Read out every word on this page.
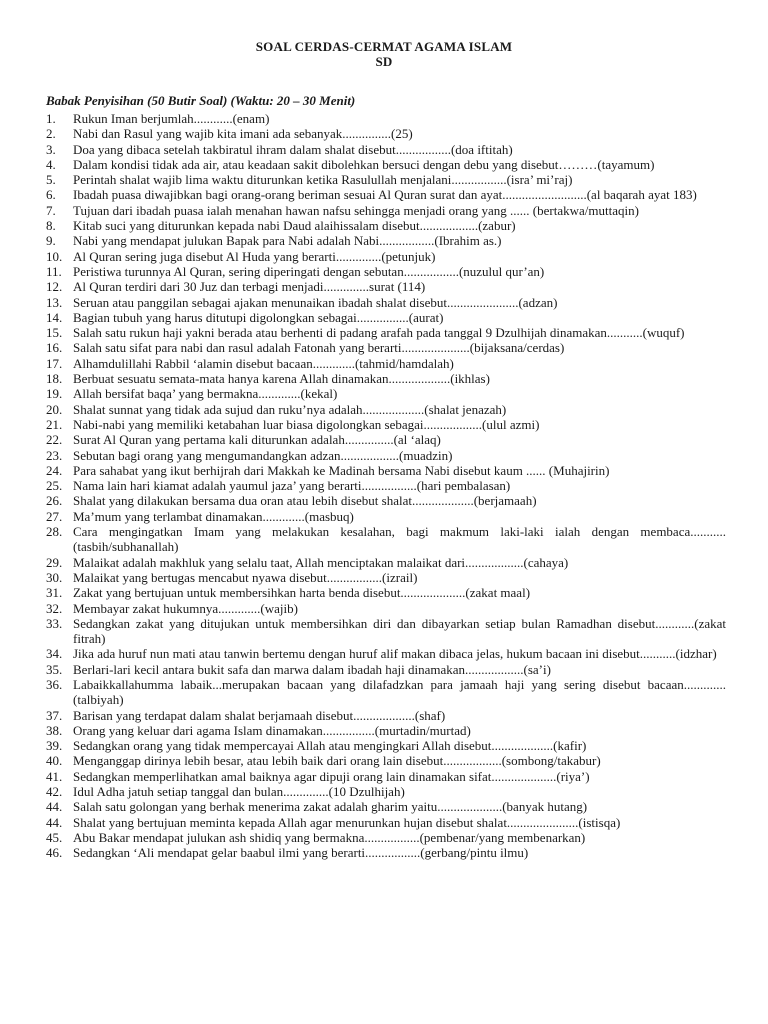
SOAL CERDAS-CERMAT AGAMA ISLAM
SD
Babak Penyisihan (50 Butir Soal) (Waktu: 20 – 30 Menit)
1. Rukun Iman berjumlah............(enam)
2. Nabi dan Rasul yang wajib kita imani ada sebanyak...............(25)
3. Doa yang dibaca setelah takbiratul ihram dalam shalat disebut.................(doa iftitah)
4. Dalam kondisi tidak ada air, atau keadaan sakit dibolehkan bersuci dengan debu yang disebut………(tayamum)
5. Perintah shalat wajib lima waktu diturunkan ketika Rasulullah menjalani.................(isra’ mi’raj)
6. Ibadah puasa diwajibkan bagi orang-orang beriman sesuai Al Quran surat dan ayat..........................(al baqarah ayat 183)
7. Tujuan dari ibadah puasa ialah menahan hawan nafsu sehingga menjadi orang yang ...... (bertakwa/muttaqin)
8. Kitab suci yang diturunkan kepada nabi Daud alaihissalam disebut..................(zabur)
9. Nabi yang mendapat julukan Bapak para Nabi adalah Nabi.................(Ibrahim as.)
10. Al Quran sering juga disebut Al Huda yang berarti..............(petunjuk)
11. Peristiwa turunnya Al Quran, sering diperingati dengan sebutan.................(nuzulul qur’an)
12. Al Quran terdiri dari 30 Juz dan terbagi menjadi..............surat (114)
13. Seruan atau panggilan sebagai ajakan menunaikan ibadah shalat disebut......................(adzan)
14. Bagian tubuh yang harus ditutupi digolongkan sebagai................(aurat)
15. Salah satu rukun haji yakni berada atau berhenti di padang arafah pada tanggal 9 Dzulhijah dinamakan...........(wuquf)
16. Salah satu sifat para nabi dan rasul adalah Fatonah yang berarti.....................(bijaksana/cerdas)
17. Alhamdulillahi Rabbil ‘alamin disebut bacaan.............(tahmid/hamdalah)
18. Berbuat sesuatu semata-mata hanya karena Allah dinamakan...................(ikhlas)
19. Allah bersifat baqa’ yang bermakna.............(kekal)
20. Shalat sunnat yang tidak ada sujud dan ruku’nya adalah...................(shalat jenazah)
21. Nabi-nabi yang memiliki ketabahan luar biasa digolongkan sebagai..................(ulul azmi)
22. Surat Al Quran yang pertama kali diturunkan adalah...............(al ‘alaq)
23. Sebutan bagi orang yang mengumandangkan adzan..................(muadzin)
24. Para sahabat yang ikut berhijrah dari Makkah ke Madinah bersama Nabi disebut kaum ...... (Muhajirin)
25. Nama lain hari kiamat adalah yaumul jaza’ yang berarti.................(hari pembalasan)
26. Shalat yang dilakukan bersama dua oran atau lebih disebut shalat...................(berjamaah)
27. Ma’mum yang terlambat dinamakan.............(masbuq)
28. Cara mengingatkan Imam yang melakukan kesalahan, bagi makmum laki-laki ialah dengan membaca...........(tasbih/subhanallah)
29. Malaikat adalah makhluk yang selalu taat, Allah menciptakan malaikat dari..................(cahaya)
30. Malaikat yang bertugas mencabut nyawa disebut.................(izrail)
31. Zakat yang bertujuan untuk membersihkan harta benda disebut....................(zakat maal)
32. Membayar zakat hukumnya.............(wajib)
33. Sedangkan zakat yang ditujukan untuk membersihkan diri dan dibayarkan setiap bulan Ramadhan disebut............(zakat fitrah)
34. Jika ada huruf nun mati atau tanwin bertemu dengan huruf alif makan dibaca jelas, hukum bacaan ini disebut...........(idzhar)
35. Berlari-lari kecil antara bukit safa dan marwa dalam ibadah haji dinamakan..................(sa’i)
36. Labaikkallahumma labaik...merupakan bacaan yang dilafadzkan para jamaah haji yang sering disebut bacaan.............(talbiyah)
37. Barisan yang terdapat dalam shalat berjamaah disebut...................(shaf)
38. Orang yang keluar dari agama Islam dinamakan................(murtadin/murtad)
39. Sedangkan orang yang tidak mempercayai Allah atau mengingkari Allah disebut...................(kafir)
40. Menganggap dirinya lebih besar, atau lebih baik dari orang lain disebut..................(sombong/takabur)
41. Sedangkan memperlihatkan amal baiknya agar dipuji orang lain dinamakan sifat....................(riya’)
42. Idul Adha jatuh setiap tanggal dan bulan..............(10 Dzulhijah)
44. Salah satu golongan yang berhak menerima zakat adalah gharim yaitu....................(banyak hutang)
44. Shalat yang bertujuan meminta kepada Allah agar menurunkan hujan disebut shalat......................(istisqa)
45. Abu Bakar mendapat julukan ash shidiq yang bermakna.................(pembenar/yang membenarkan)
46. Sedangkan ‘Ali mendapat gelar baabul ilmi yang berarti.................(gerbang/pintu ilmu)
